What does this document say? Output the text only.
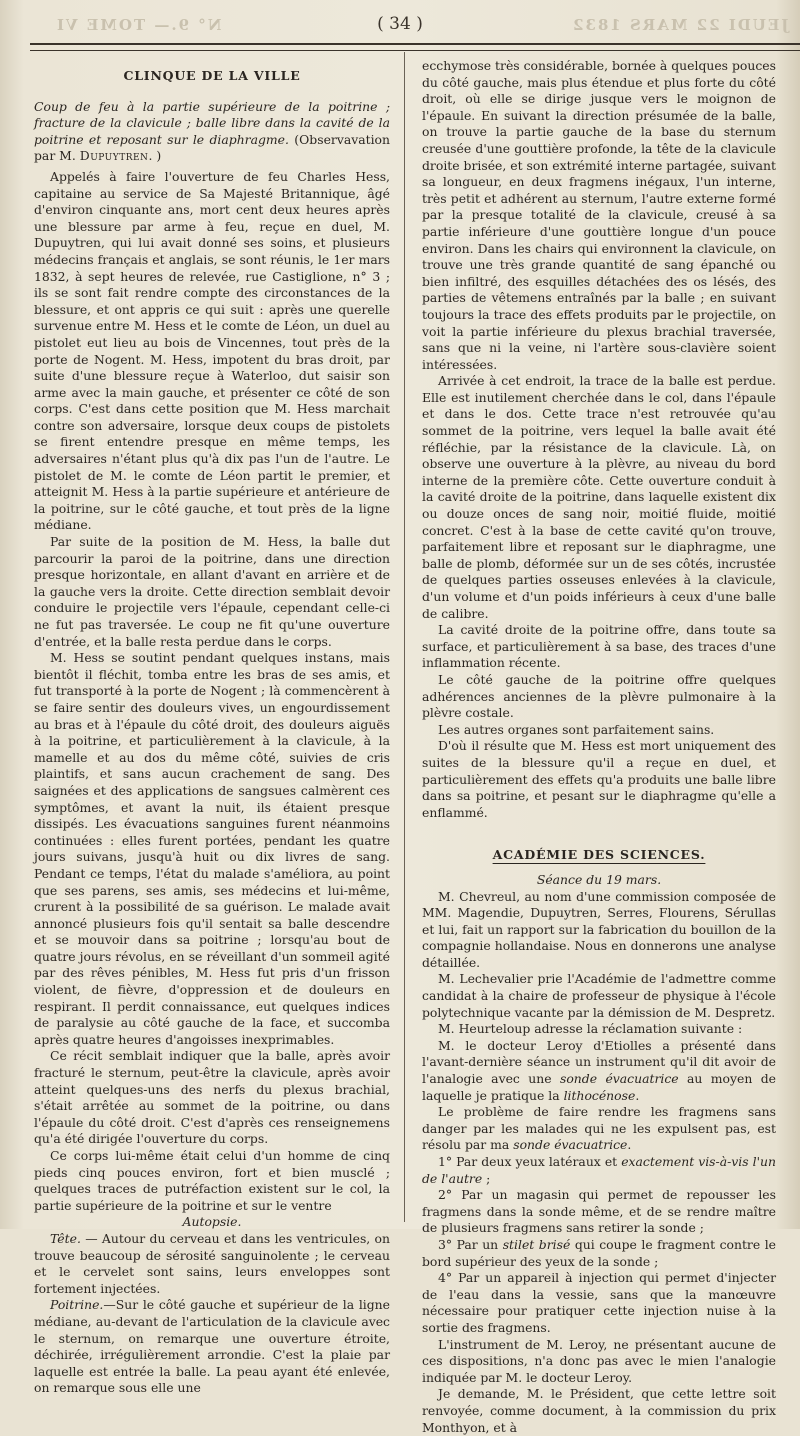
N° 9.— TOME VI	( 34 )	JEUDI 22 MARS 1832
CLINQUE DE LA VILLE

Coup de feu à la partie supérieure de la poitrine ; fracture de la clavicule ; balle libre dans la cavité de la poitrine et reposant sur le diaphragme. (Observavation par M. Dupuytren. )

Appelés à faire l'ouverture de feu Charles Hess, capitaine au service de Sa Majesté Britannique, âgé d'environ cinquante ans, mort cent deux heures après une blessure par arme à feu, reçue en duel, M. Dupuytren, qui lui avait donné ses soins, et plusieurs médecins français et anglais, se sont réunis, le 1er mars 1832, à sept heures de relevée, rue Castiglione, n° 3 ; ils se sont fait rendre compte des circonstances de la blessure, et ont appris ce qui suit : après une querelle survenue entre M. Hess et le comte de Léon, un duel au pistolet eut lieu au bois de Vincennes, tout près de la porte de Nogent. M. Hess, impotent du bras droit, par suite d'une blessure reçue à Waterloo, dut saisir son arme avec la main gauche, et présenter ce côté de son corps. C'est dans cette position que M. Hess marchait contre son adversaire, lorsque deux coups de pistolets se firent entendre presque en même temps, les adversaires n'étant plus qu'à dix pas l'un de l'autre. Le pistolet de M. le comte de Léon partit le premier, et atteignit M. Hess à la partie supérieure et antérieure de la poitrine, sur le côté gauche, et tout près de la ligne médiane.

Par suite de la position de M. Hess, la balle dut parcourir la paroi de la poitrine, dans une direction presque horizontale, en allant d'avant en arrière et de la gauche vers la droite. Cette direction semblait devoir conduire le projectile vers l'épaule, cependant celle-ci ne fut pas traversée. Le coup ne fit qu'une ouverture d'entrée, et la balle resta perdue dans le corps.

M. Hess se soutint pendant quelques instans, mais bientôt il fléchit, tomba entre les bras de ses amis, et fut transporté à la porte de Nogent ; là commencèrent à se faire sentir des douleurs vives, un engourdissement au bras et à l'épaule du côté droit, des douleurs aiguës à la poitrine, et particulièrement à la clavicule, à la mamelle et au dos du même côté, suivies de cris plaintifs, et sans aucun crachement de sang. Des saignées et des applications de sangsues calmèrent ces symptômes, et avant la nuit, ils étaient presque dissipés. Les évacuations sanguines furent néanmoins continuées : elles furent portées, pendant les quatre jours suivans, jusqu'à huit ou dix livres de sang. Pendant ce temps, l'état du malade s'améliora, au point que ses parens, ses amis, ses médecins et lui-même, crurent à la possibilité de sa guérison. Le malade avait annoncé plusieurs fois qu'il sentait sa balle descendre et se mouvoir dans sa poitrine ; lorsqu'au bout de quatre jours révolus, en se réveillant d'un sommeil agité par des rêves pénibles, M. Hess fut pris d'un frisson violent, de fièvre, d'oppression et de douleurs en respirant. Il perdit connaissance, eut quelques indices de paralysie au côté gauche de la face, et succomba après quatre heures d'angoisses inexprimables.

Ce récit semblait indiquer que la balle, après avoir fracturé le sternum, peut-être la clavicule, après avoir atteint quelques-uns des nerfs du plexus brachial, s'était arrêtée au sommet de la poitrine, ou dans l'épaule du côté droit. C'est d'après ces renseignemens qu'a été dirigée l'ouverture du corps.

Ce corps lui-même était celui d'un homme de cinq pieds cinq pouces environ, fort et bien musclé ; quelques traces de putréfaction existent sur le col, la partie supérieure de la poitrine et sur le ventre

Autopsie.

Tête. — Autour du cerveau et dans les ventricules, on trouve beaucoup de sérosité sanguinolente ; le cerveau et le cervelet sont sains, leurs enveloppes sont fortement injectées.

Poitrine.—Sur le côté gauche et supérieur de la ligne médiane, au-devant de l'articulation de la clavicule avec le sternum, on remarque une ouverture étroite, déchirée, irrégulièrement arrondie. C'est la plaie par laquelle est entrée la balle. La peau ayant été enlevée, on remarque sous elle une

ecchymose très considérable, bornée à quelques pouces du côté gauche, mais plus étendue et plus forte du côté droit, où elle se dirige jusque vers le moignon de l'épaule. En suivant la direction présumée de la balle, on trouve la partie gauche de la base du sternum creusée d'une gouttière profonde, la tête de la clavicule droite brisée, et son extrémité interne partagée, suivant sa longueur, en deux fragmens inégaux, l'un interne, très petit et adhérent au sternum, l'autre externe formé par la presque totalité de la clavicule, creusé à sa partie inférieure d'une gouttière longue d'un pouce environ. Dans les chairs qui environnent la clavicule, on trouve une très grande quantité de sang épanché ou bien infiltré, des esquilles détachées des os lésés, des parties de vêtemens entraînés par la balle ; en suivant toujours la trace des effets produits par le projectile, on voit la partie inférieure du plexus brachial traversée, sans que ni la veine, ni l'artère sous-clavière soient intéressées.

Arrivée à cet endroit, la trace de la balle est perdue. Elle est inutilement cherchée dans le col, dans l'épaule et dans le dos. Cette trace n'est retrouvée qu'au sommet de la poitrine, vers lequel la balle avait été réfléchie, par la résistance de la clavicule. Là, on observe une ouverture à la plèvre, au niveau du bord interne de la première côte. Cette ouverture conduit à la cavité droite de la poitrine, dans laquelle existent dix ou douze onces de sang noir, moitié fluide, moitié concret. C'est à la base de cette cavité qu'on trouve, parfaitement libre et reposant sur le diaphragme, une balle de plomb, déformée sur un de ses côtés, incrustée de quelques parties osseuses enlevées à la clavicule, d'un volume et d'un poids inférieurs à ceux d'une balle de calibre.

La cavité droite de la poitrine offre, dans toute sa surface, et particulièrement à sa base, des traces d'une inflammation récente.

Le côté gauche de la poitrine offre quelques adhérences anciennes de la plèvre pulmonaire à la plèvre costale.

Les autres organes sont parfaitement sains.

D'où il résulte que M. Hess est mort uniquement des suites de la blessure qu'il a reçue en duel, et particulièrement des effets qu'a produits une balle libre dans sa poitrine, et pesant sur le diaphragme qu'elle a enflammé.

ACADÉMIE DES SCIENCES.

Séance du 19 mars.

M. Chevreul, au nom d'une commission composée de MM. Magendie, Dupuytren, Serres, Flourens, Sérullas et lui, fait un rapport sur la fabrication du bouillon de la compagnie hollandaise. Nous en donnerons une analyse détaillée.

M. Lechevalier prie l'Académie de l'admettre comme candidat à la chaire de professeur de physique à l'école polytechnique vacante par la démission de M. Despretz.

M. Heurteloup adresse la réclamation suivante :

M. le docteur Leroy d'Etiolles a présenté dans l'avant-dernière séance un instrument qu'il dit avoir de l'analogie avec une sonde évacuatrice au moyen de laquelle je pratique la lithocénose.

Le problème de faire rendre les fragmens sans danger par les malades qui ne les expulsent pas, est résolu par ma sonde évacuatrice.

1° Par deux yeux latéraux et exactement vis-à-vis l'un de l'autre ;

2° Par un magasin qui permet de repousser les fragmens dans la sonde même, et de se rendre maître de plusieurs fragmens sans retirer la sonde ;

3° Par un stilet brisé qui coupe le fragment contre le bord supérieur des yeux de la sonde ;

4° Par un appareil à injection qui permet d'injecter de l'eau dans la vessie, sans que la manœuvre nécessaire pour pratiquer cette injection nuise à la sortie des fragmens.

L'instrument de M. Leroy, ne présentant aucune de ces dispositions, n'a donc pas avec le mien l'analogie indiquée par M. le docteur Leroy.

Je demande, M. le Président, que cette lettre soit renvoyée, comme document, à la commission du prix Monthyon, et à
